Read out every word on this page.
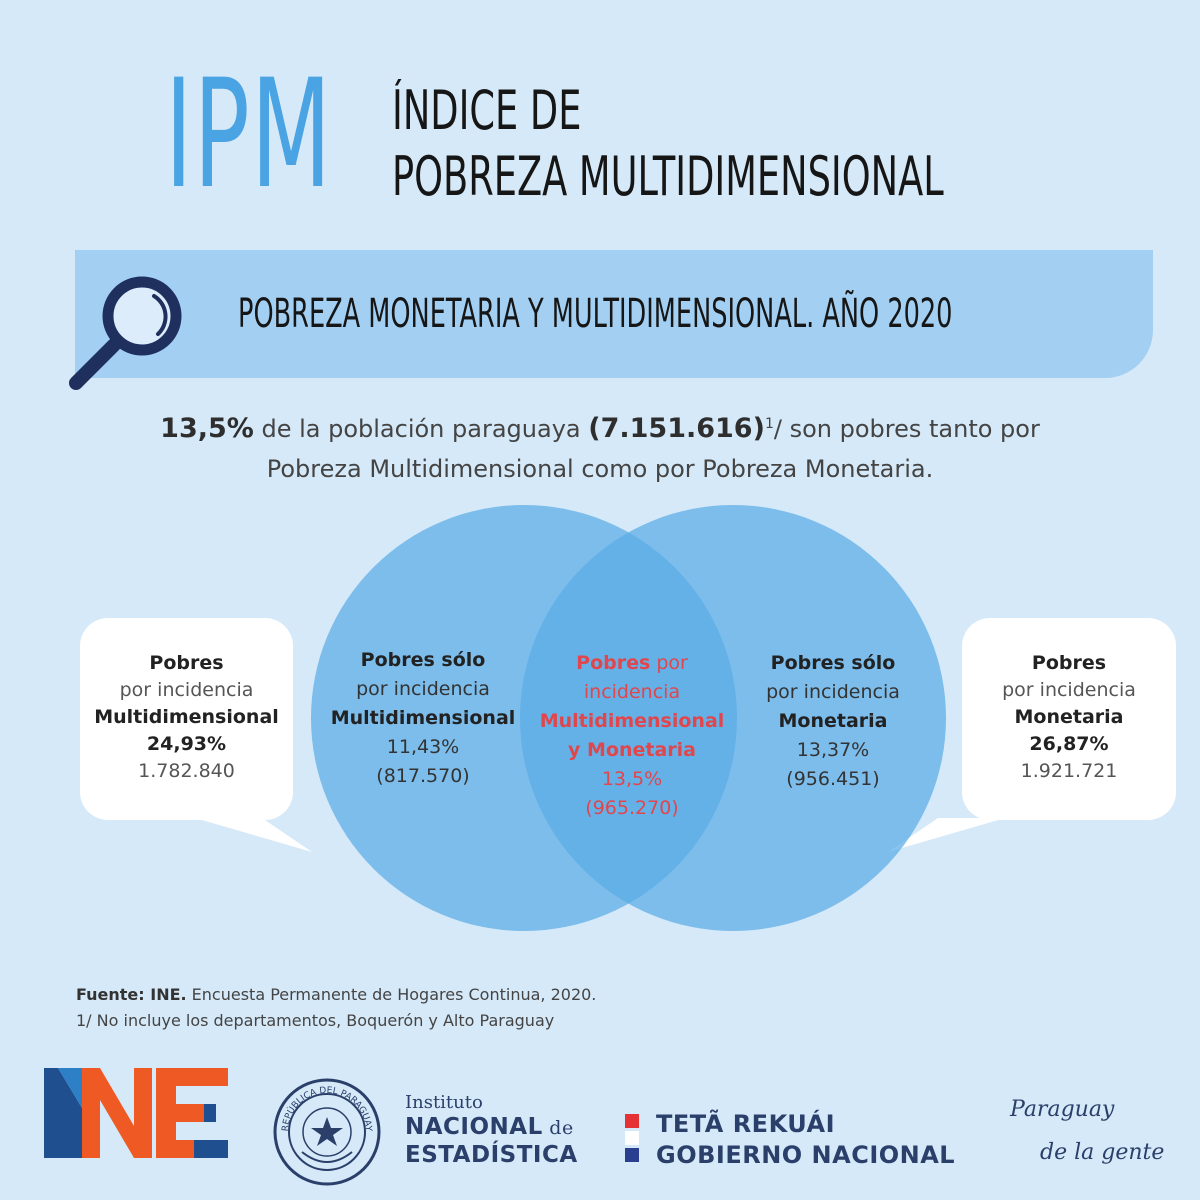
IPM ÍNDICE DE
POBREZA MULTIDIMENSIONAL
POBREZA MONETARIA Y MULTIDIMENSIONAL. AÑO 2020
13,5% de la población paraguaya $(7.151.616)^1/$ son pobres tanto por
Pobreza Multidimensional como por Pobreza Monetaria.
Pobres
por incidencia
Multidimensional
24,93%
1.782.840
Pobres
por incidencia
Monetaria
26,87%
1.921.721
Pobres sólo
por incidencia
Multidimensional
11,43%
(817.570)
Pobres por
incidencia
Multidimensional
y Monetaria
13,5%
(965.270)
Pobres sólo
por incidencia
Monetaria
13,37%
(956.451)
Fuente: INE. Encuesta Permanente de Hogares Continua, 2020.
1/ No incluye los departamentos, Boquerón y Alto Paraguay
REPÚBLICA DEL PARAGUAY
Instituto
NACIONAL de
ESTADÍSTICA
TETÃ REKUÁI
GOBIERNO NACIONAL
Paraguay
de la gente
